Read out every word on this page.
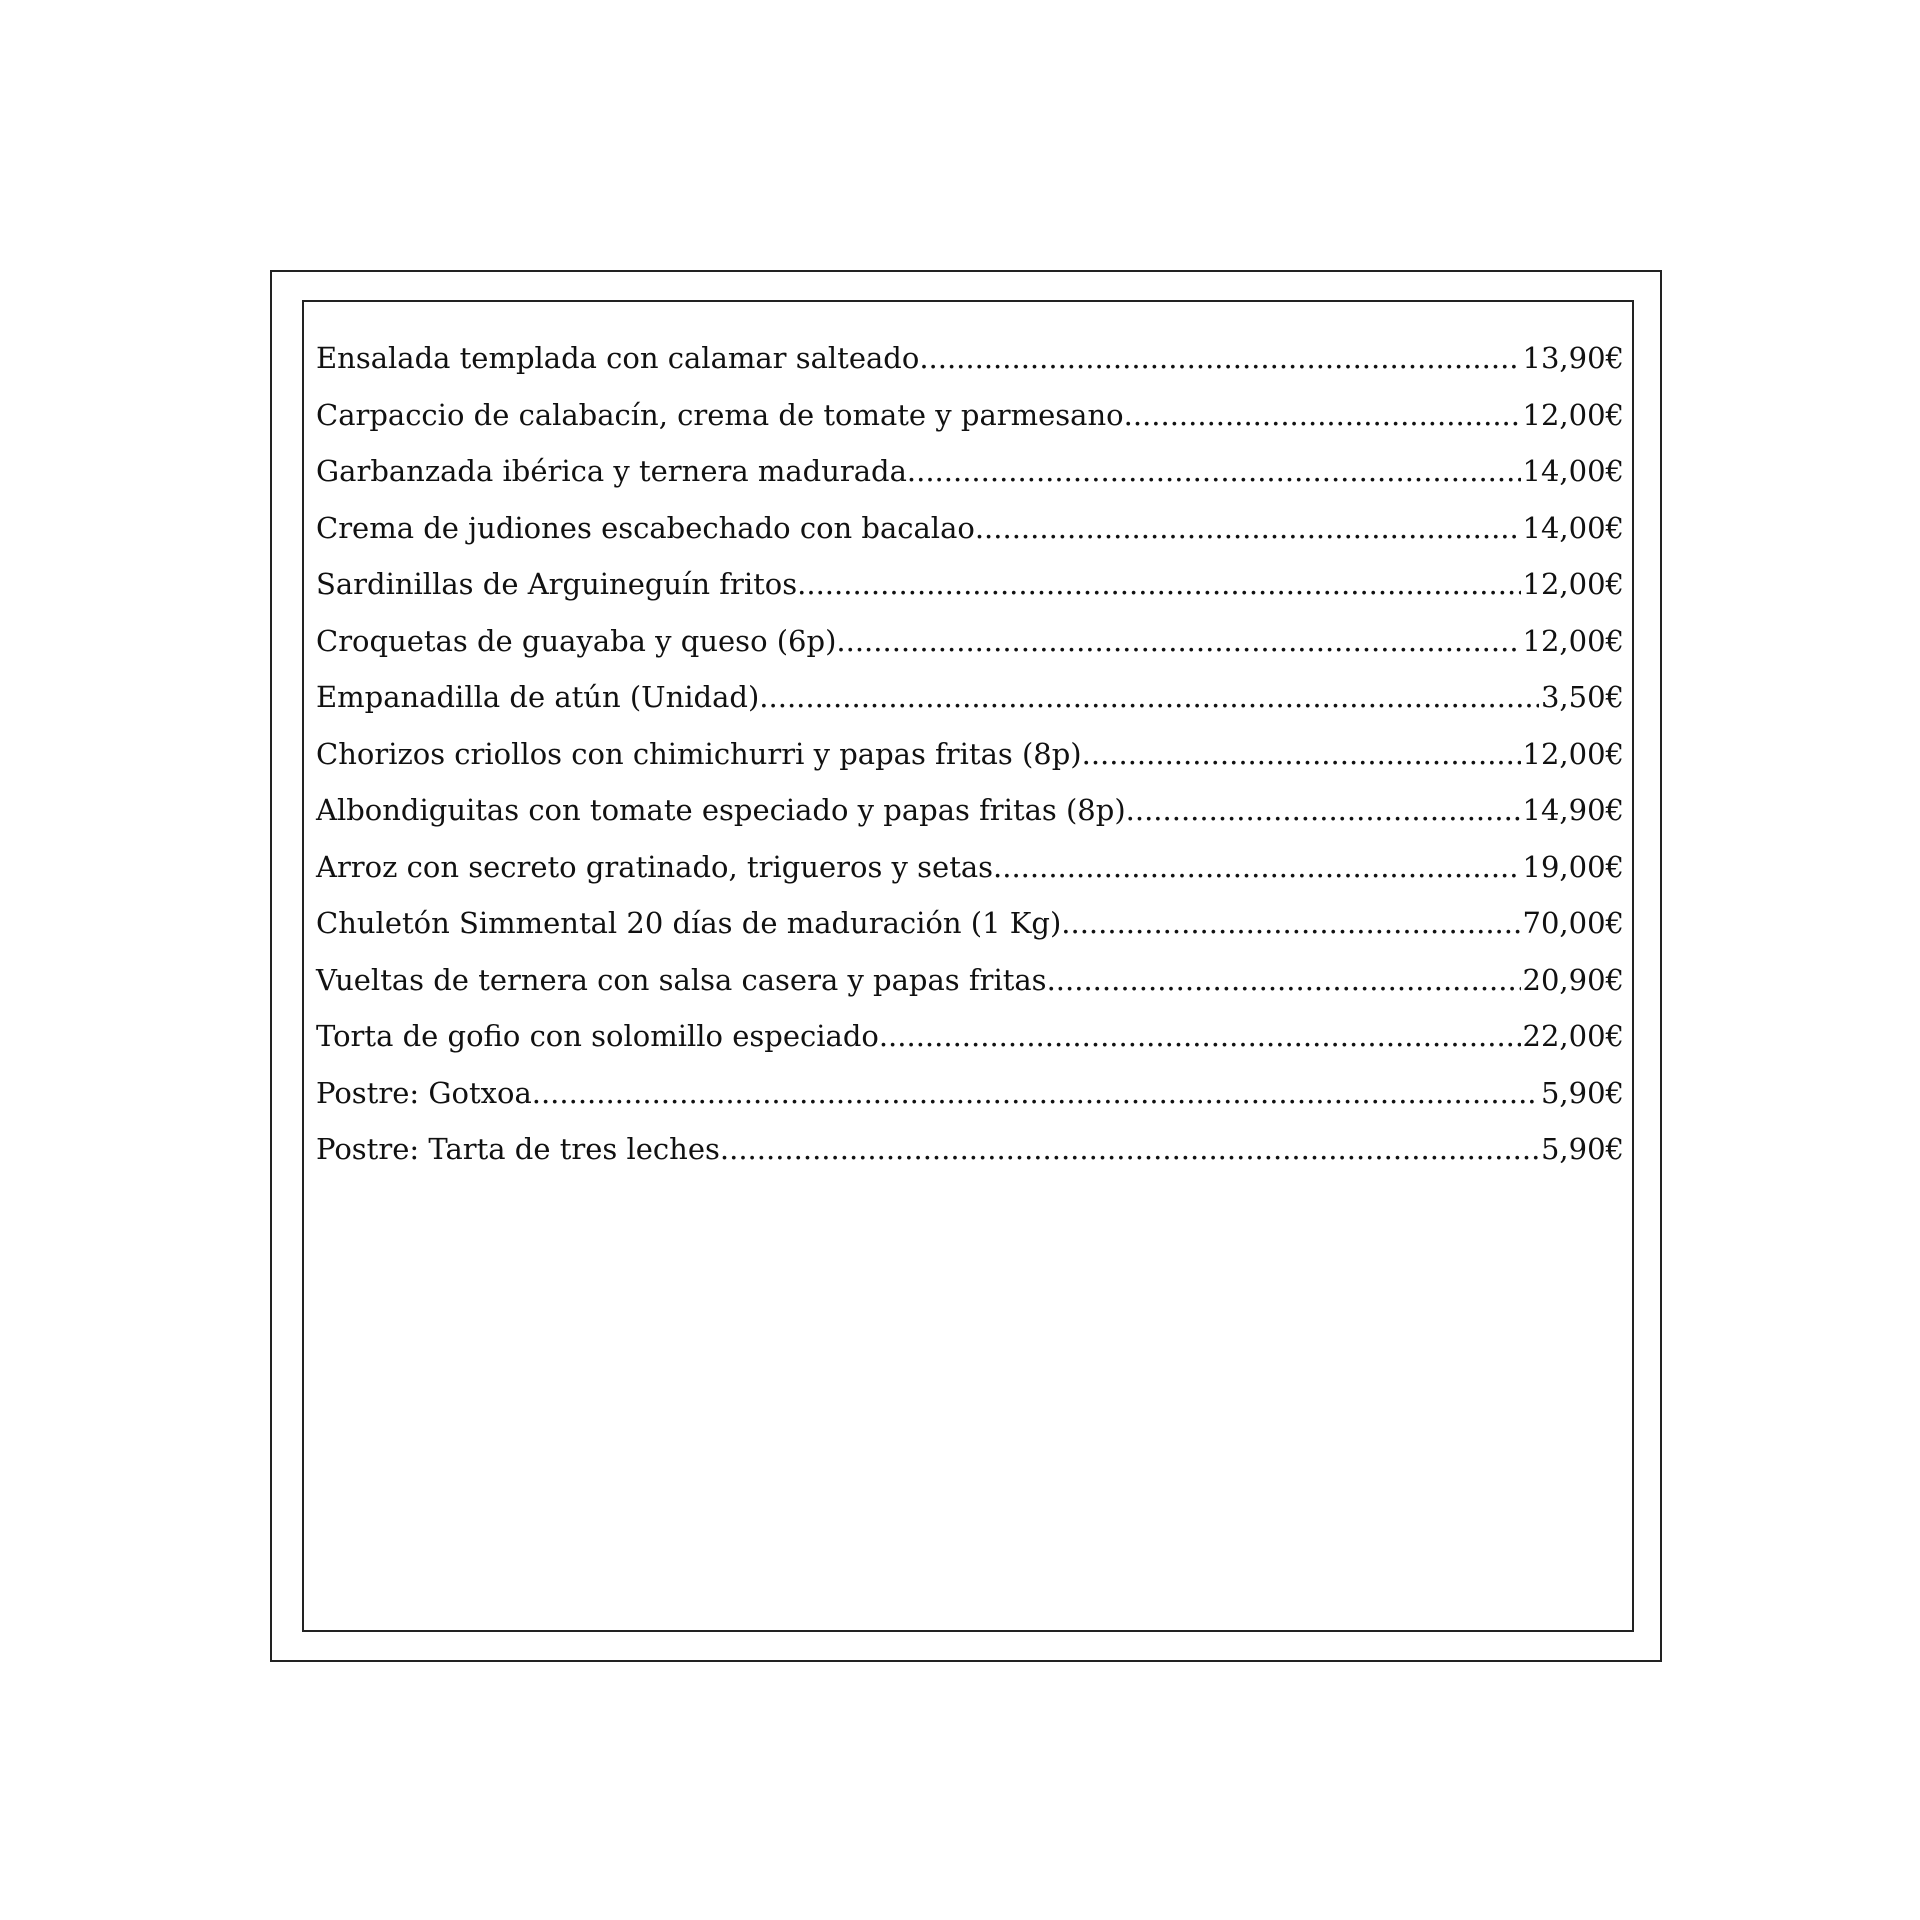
Ensalada templada con calamar salteado .....	13,90€
Carpaccio de calabacín, crema de tomate y parmesano .....	12,00€
Garbanzada ibérica y ternera madurada .....	14,00€
Crema de judiones escabechado con bacalao .....	14,00€
Sardinillas de Arguineguín fritos .....	12,00€
Croquetas de guayaba y queso (6p) .....	12,00€
Empanadilla de atún (Unidad) .....	3,50€
Chorizos criollos con chimichurri y papas fritas (8p) .....	12,00€
Albondiguitas con tomate especiado y papas fritas (8p) .....	14,90€
Arroz con secreto gratinado, trigueros y setas .....	19,00€
Chuletón Simmental 20 días de maduración (1 Kg) .....	70,00€
Vueltas de ternera con salsa casera y papas fritas .....	20,90€
Torta de gofio con solomillo especiado .....	22,00€
Postre: Gotxoa .....	5,90€
Postre: Tarta de tres leches .....	5,90€
